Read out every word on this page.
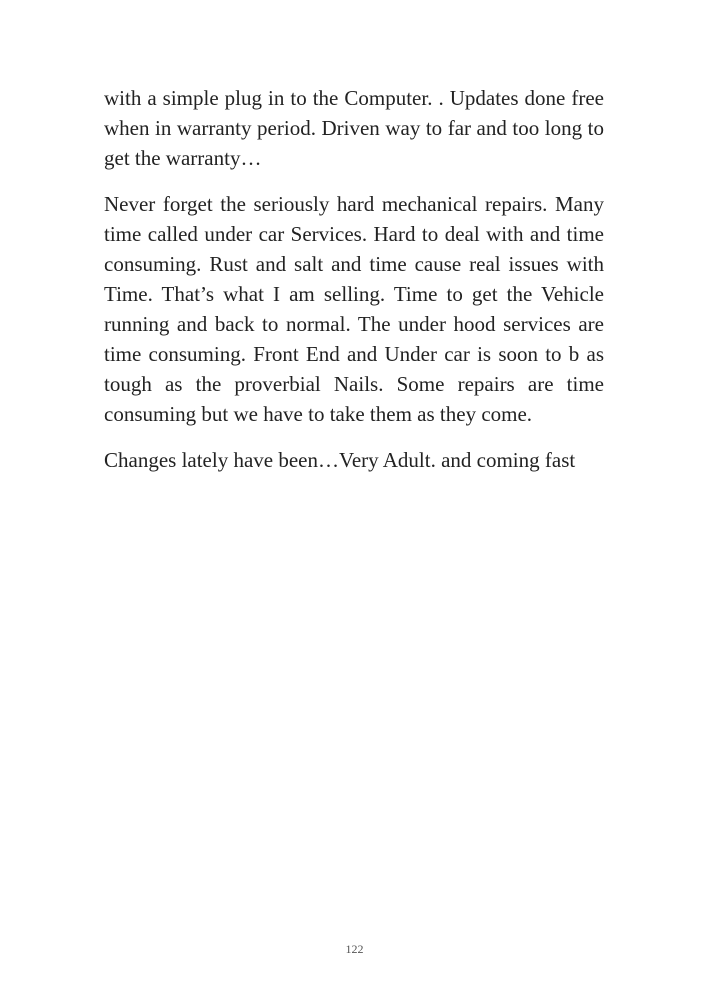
with a simple plug in to the Computer. . Updates done free when in warranty period. Driven way to far and too long to get the warranty…

Never forget the seriously hard mechanical repairs. Many time called under car Services. Hard to deal with and time consuming. Rust and salt and time cause real issues with Time. That’s what I am selling. Time to get the Vehicle running and back to normal. The under hood services are time consuming. Front End and Under car is soon to b as tough as the proverbial Nails. Some repairs are time consuming but we have to take them as they come.

Changes lately have been…Very Adult. and coming fast

122
